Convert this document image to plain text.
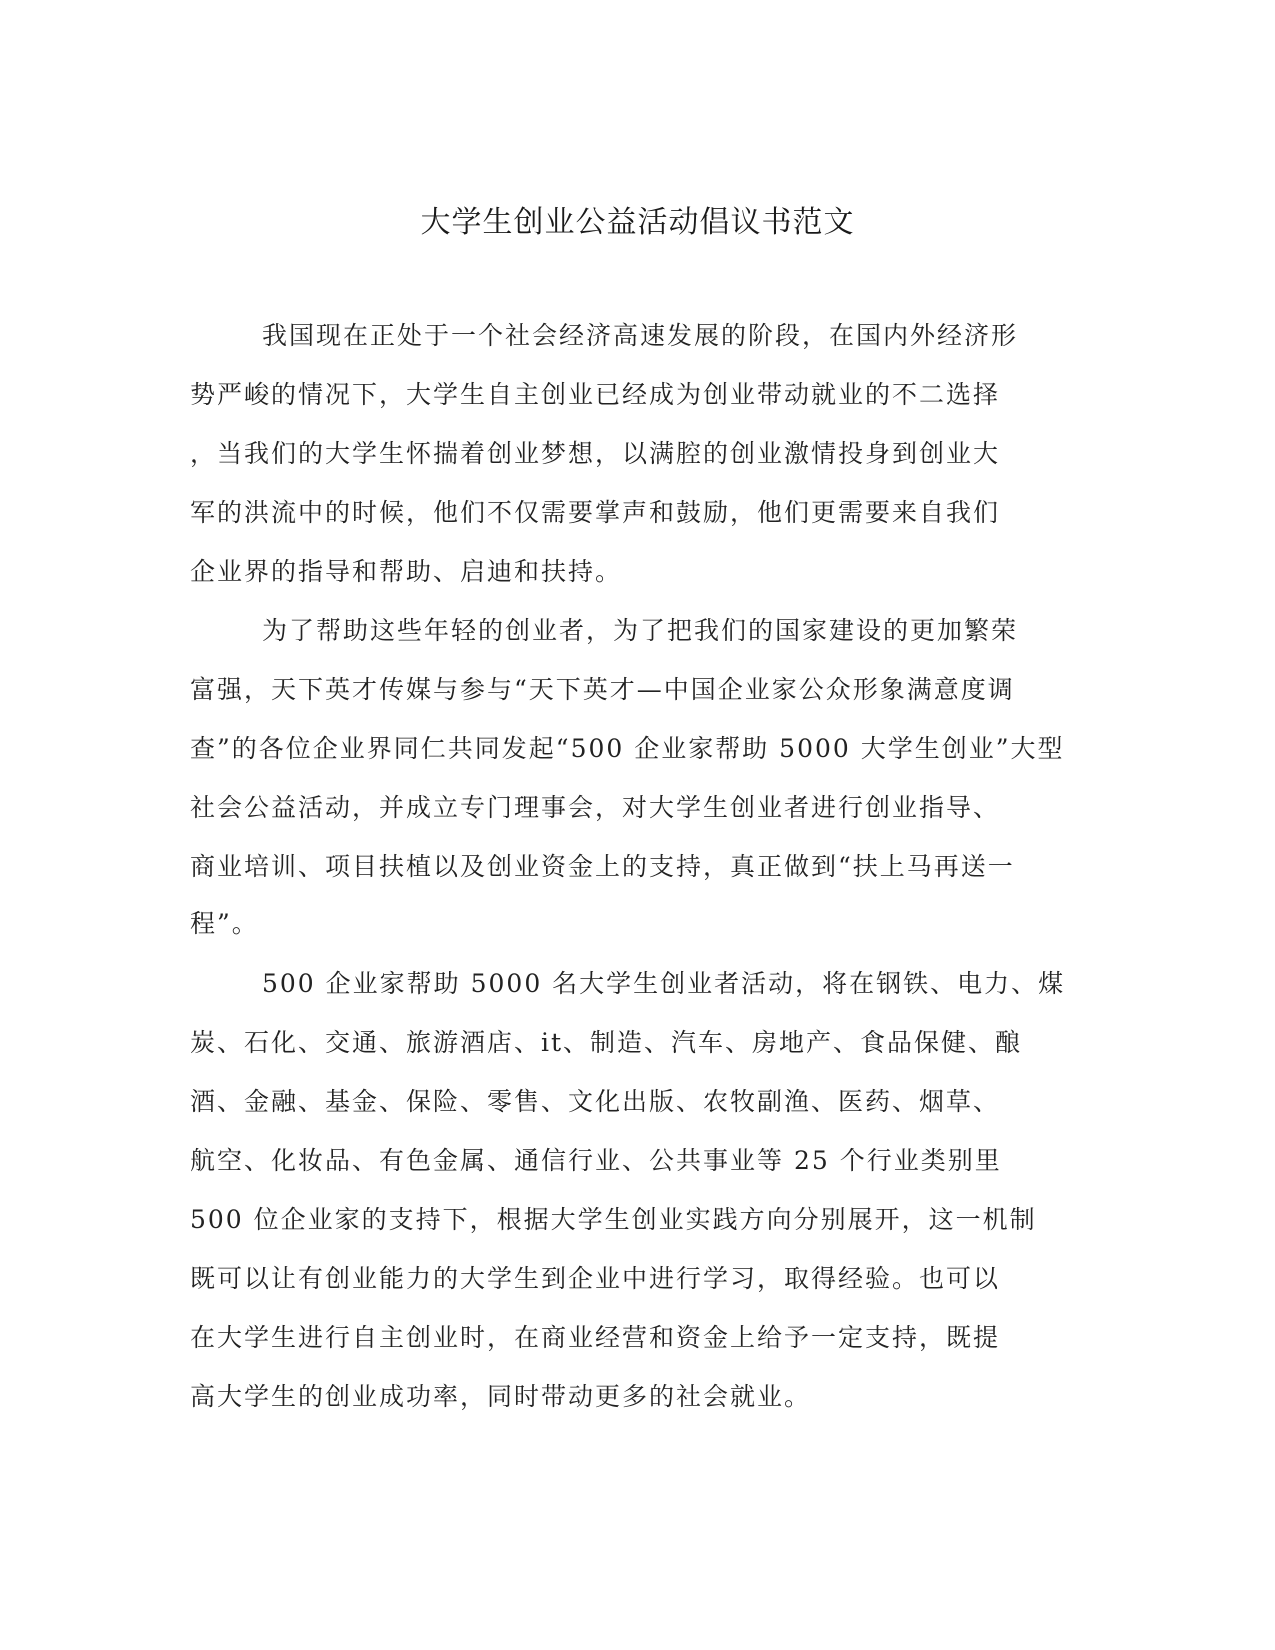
大学生创业公益活动倡议书范文

我国现在正处于一个社会经济高速发展的阶段，在国内外经济形

势严峻的情况下，大学生自主创业已经成为创业带动就业的不二选择

，当我们的大学生怀揣着创业梦想，以满腔的创业激情投身到创业大

军的洪流中的时候，他们不仅需要掌声和鼓励，他们更需要来自我们

企业界的指导和帮助、启迪和扶持。

为了帮助这些年轻的创业者，为了把我们的国家建设的更加繁荣

富强，天下英才传媒与参与“天下英才—中国企业家公众形象满意度调

查”的各位企业界同仁共同发起“500 企业家帮助 5000 大学生创业”大型

社会公益活动，并成立专门理事会，对大学生创业者进行创业指导、

商业培训、项目扶植以及创业资金上的支持，真正做到“扶上马再送一

程”。

500 企业家帮助 5000 名大学生创业者活动，将在钢铁、电力、煤

炭、石化、交通、旅游酒店、it、制造、汽车、房地产、食品保健、酿

酒、金融、基金、保险、零售、文化出版、农牧副渔、医药、烟草、

航空、化妆品、有色金属、通信行业、公共事业等 25 个行业类别里

500 位企业家的支持下，根据大学生创业实践方向分别展开，这一机制

既可以让有创业能力的大学生到企业中进行学习，取得经验。也可以

在大学生进行自主创业时，在商业经营和资金上给予一定支持，既提

高大学生的创业成功率，同时带动更多的社会就业。
